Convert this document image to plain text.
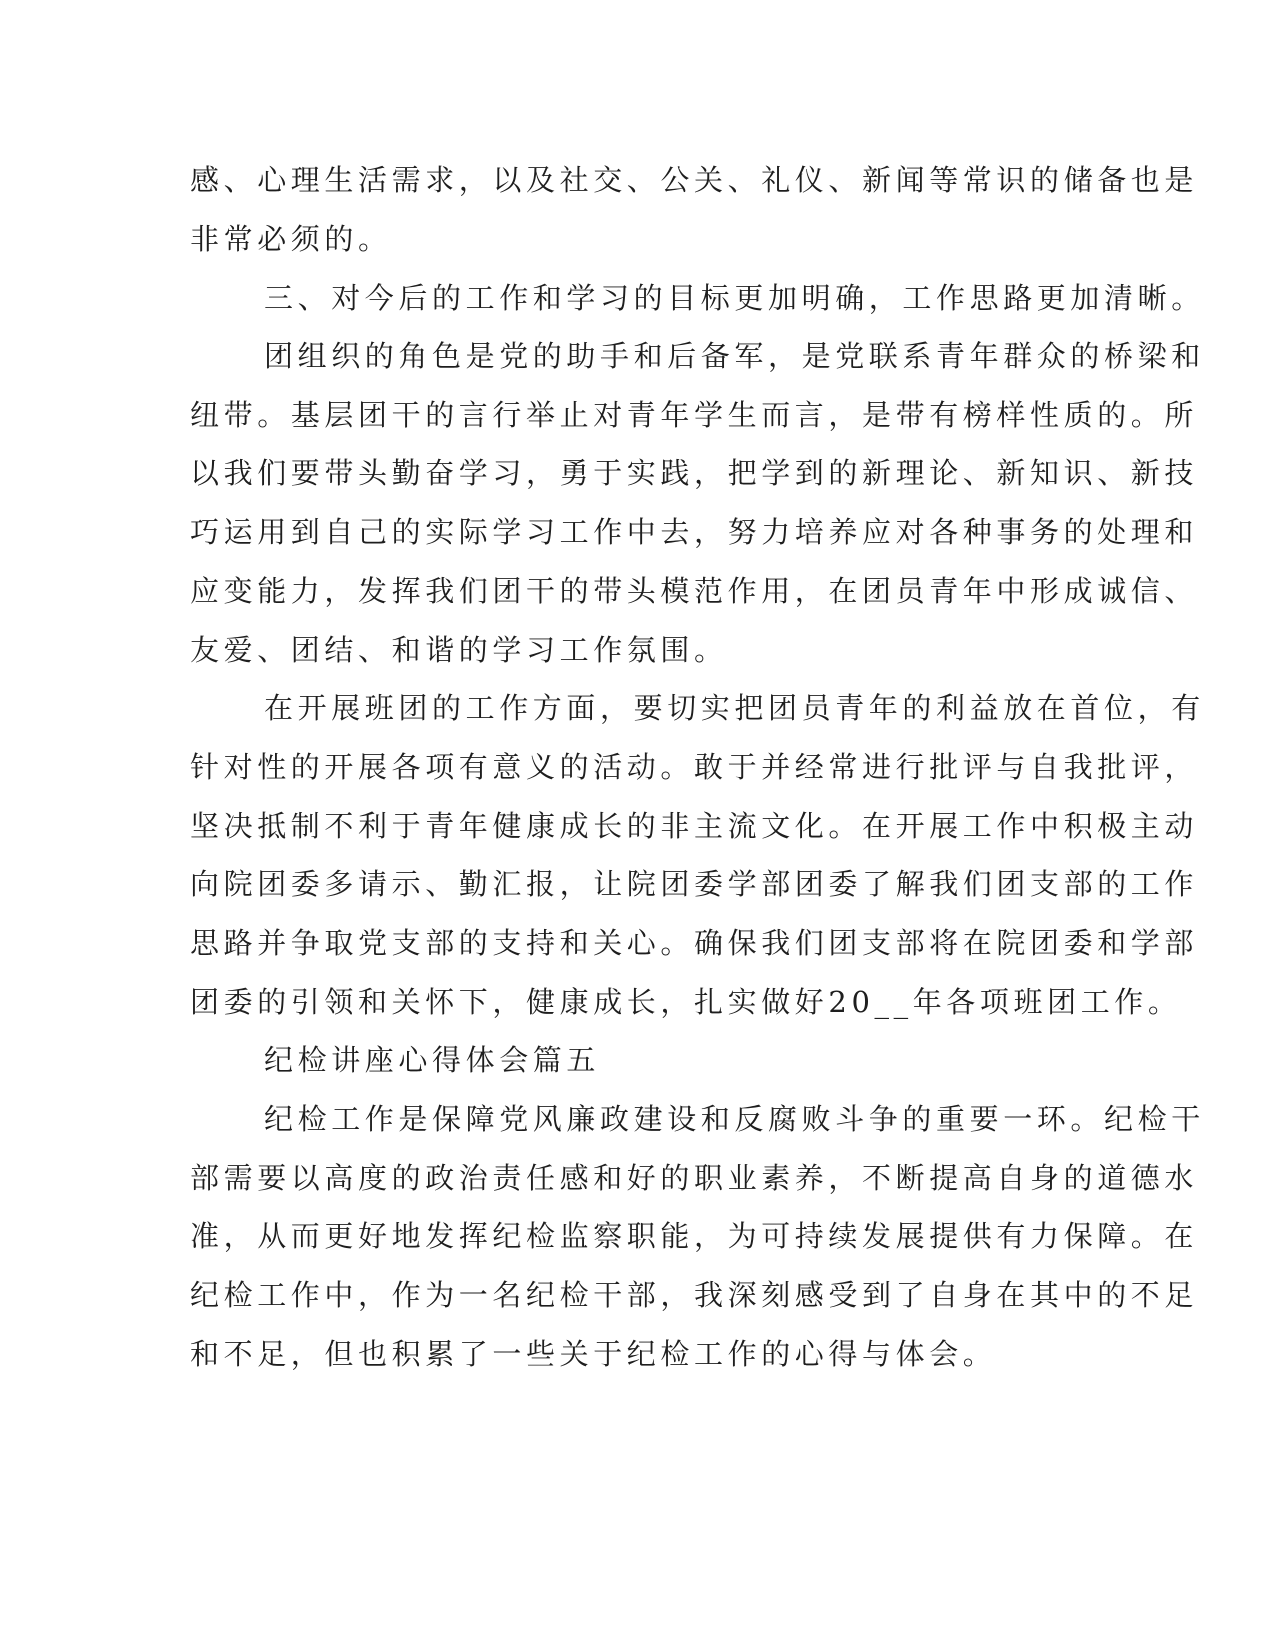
感、心理生活需求，以及社交、公关、礼仪、新闻等常识的储备也是
非常必须的。
三、对今后的工作和学习的目标更加明确，工作思路更加清晰。
团组织的角色是党的助手和后备军，是党联系青年群众的桥梁和
纽带。基层团干的言行举止对青年学生而言，是带有榜样性质的。所
以我们要带头勤奋学习，勇于实践，把学到的新理论、新知识、新技
巧运用到自己的实际学习工作中去，努力培养应对各种事务的处理和
应变能力，发挥我们团干的带头模范作用，在团员青年中形成诚信、
友爱、团结、和谐的学习工作氛围。
在开展班团的工作方面，要切实把团员青年的利益放在首位，有
针对性的开展各项有意义的活动。敢于并经常进行批评与自我批评，
坚决抵制不利于青年健康成长的非主流文化。在开展工作中积极主动
向院团委多请示、勤汇报，让院团委学部团委了解我们团支部的工作
思路并争取党支部的支持和关心。确保我们团支部将在院团委和学部
团委的引领和关怀下，健康成长，扎实做好20__年各项班团工作。
纪检讲座心得体会篇五
纪检工作是保障党风廉政建设和反腐败斗争的重要一环。纪检干
部需要以高度的政治责任感和好的职业素养，不断提高自身的道德水
准，从而更好地发挥纪检监察职能，为可持续发展提供有力保障。在
纪检工作中，作为一名纪检干部，我深刻感受到了自身在其中的不足
和不足，但也积累了一些关于纪检工作的心得与体会。
